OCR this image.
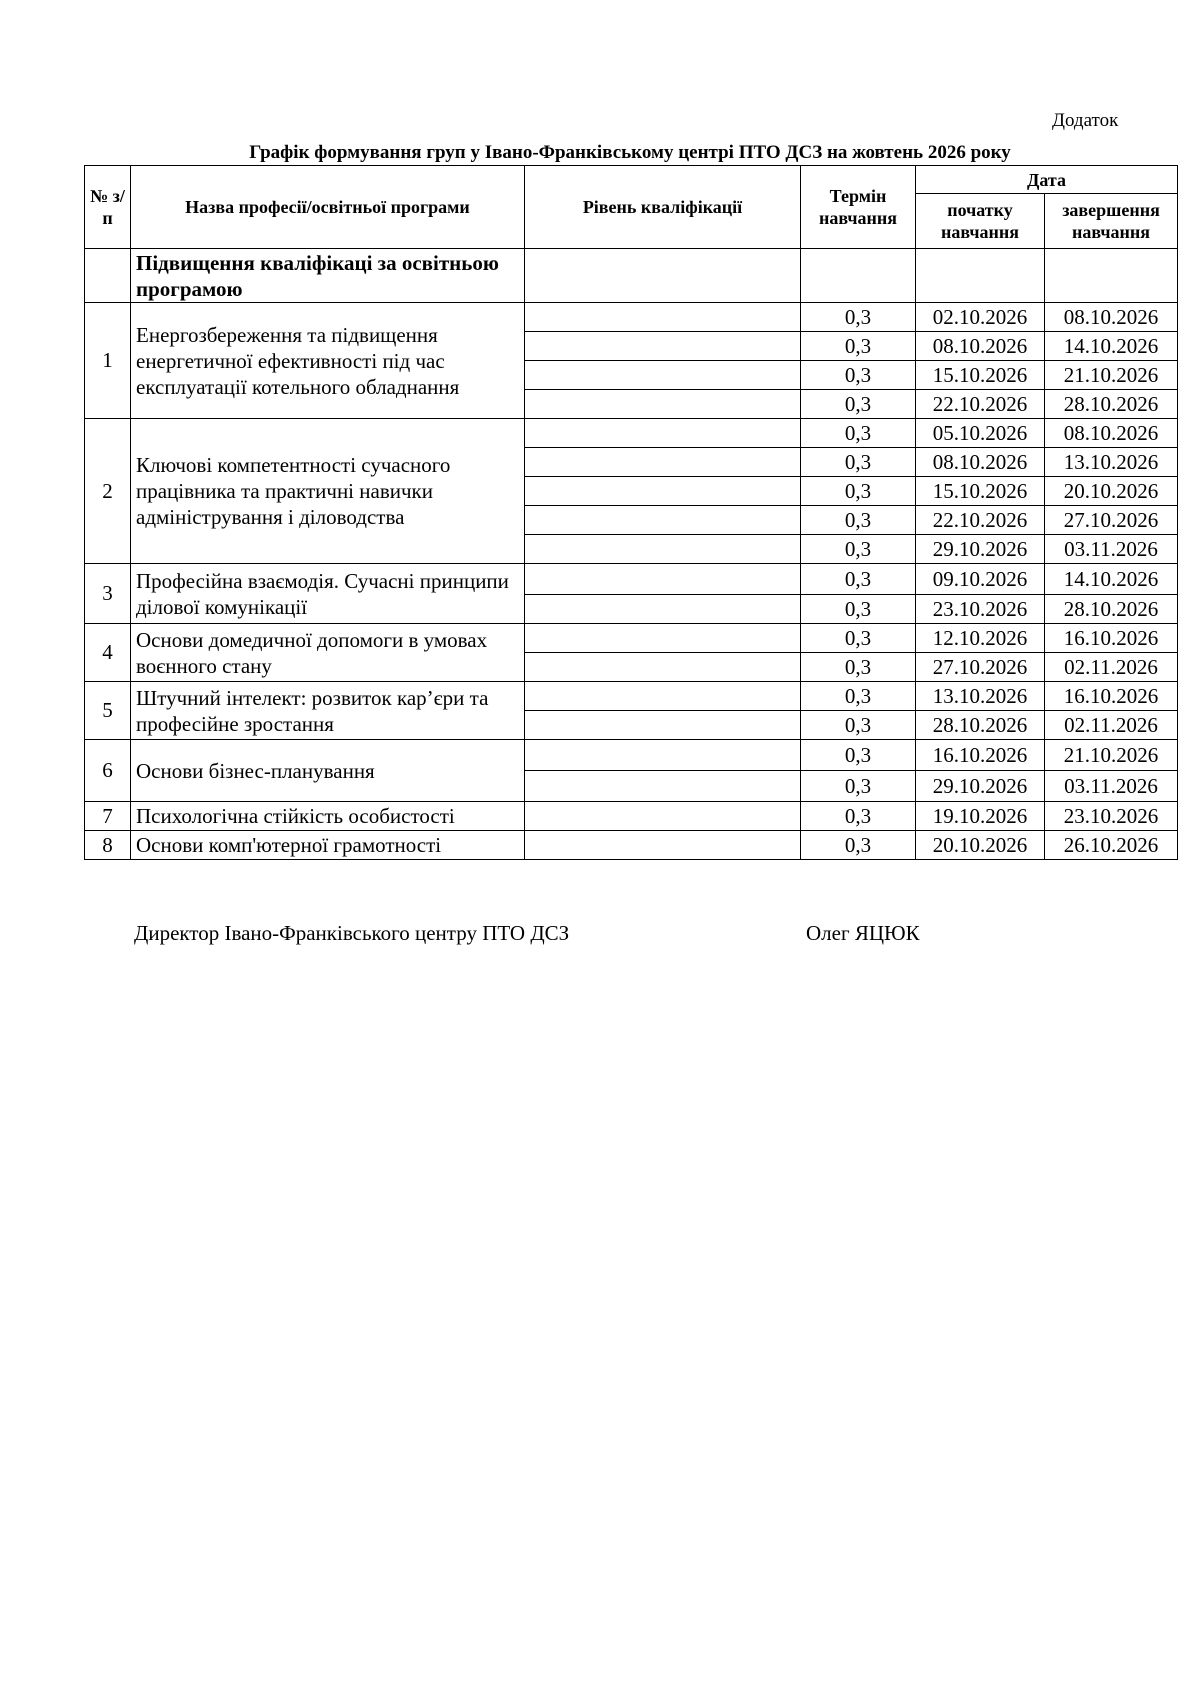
Додаток
Графік формування груп у Івано-Франківському центрі ПТО ДСЗ на жовтень 2026 року
№ з/п	Назва професії/освітньої програми	Рівень кваліфікації	Термін навчання	Дата	
				початку навчання	завершення навчання
	Підвищення кваліфікаці за освітньою програмою				
1	Енергозбереження та підвищення енергетичної ефективності під час експлуатації котельного обладнання		0,3	02.10.2026	08.10.2026
			0,3	08.10.2026	14.10.2026
			0,3	15.10.2026	21.10.2026
			0,3	22.10.2026	28.10.2026
2	Ключові компетентності сучасного працівника та практичні навички адміністрування і діловодства		0,3	05.10.2026	08.10.2026
			0,3	08.10.2026	13.10.2026
			0,3	15.10.2026	20.10.2026
			0,3	22.10.2026	27.10.2026
			0,3	29.10.2026	03.11.2026
3	Професійна взаємодія. Сучасні принципи ділової комунікації		0,3	09.10.2026	14.10.2026
			0,3	23.10.2026	28.10.2026
4	Основи домедичної допомоги в умовах воєнного стану		0,3	12.10.2026	16.10.2026
			0,3	27.10.2026	02.11.2026
5	Штучний інтелект: розвиток кар’єри та професійне зростання		0,3	13.10.2026	16.10.2026
			0,3	28.10.2026	02.11.2026
6	Основи бізнес-планування		0,3	16.10.2026	21.10.2026
			0,3	29.10.2026	03.11.2026
7	Психологічна стійкість особистості		0,3	19.10.2026	23.10.2026
8	Основи комп'ютерної грамотності		0,3	20.10.2026	26.10.2026
Директор Івано-Франківського центру ПТО ДСЗ	Олег ЯЦЮК
